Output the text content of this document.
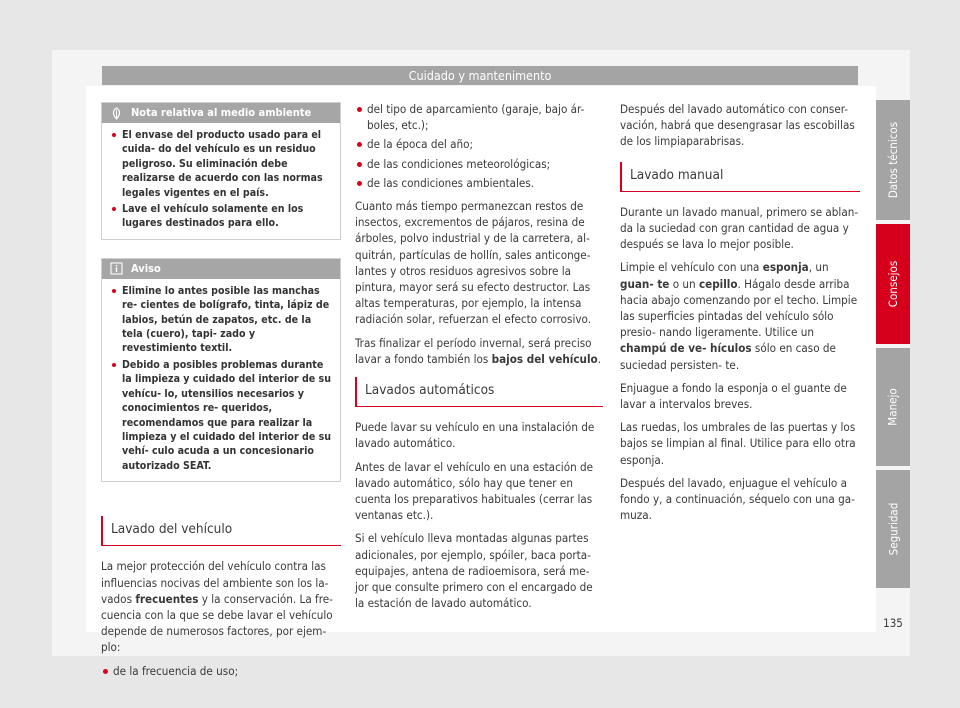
Cuidado y mantenimento
Nota relativa al medio ambiente
El envase del producto usado para el cuida- do del vehículo es un residuo peligroso. Su eliminación debe realizarse de acuerdo con las normas legales vigentes en el país.
Lave el vehículo solamente en los lugares destinados para ello.
Aviso
Elimine lo antes posible las manchas re- cientes de bolígrafo, tinta, lápiz de labios, betún de zapatos, etc. de la tela (cuero), tapi- zado y revestimiento textil.
Debido a posibles problemas durante la limpieza y cuidado del interior de su vehícu- lo, utensilios necesarios y conocimientos re- queridos, recomendamos que para realizar la limpieza y el cuidado del interior de su vehí- culo acuda a un concesionario autorizado SEAT.
Lavado del vehículo

La mejor protección del vehículo contra las influencias nocivas del ambiente son los la- vados frecuentes y la conservación. La fre- cuencia con la que se debe lavar el vehículo depende de numerosos factores, por ejem- plo:

de la frecuencia de uso;
del tipo de aparcamiento (garaje, bajo ár- boles, etc.);
de la época del año;
de las condiciones meteorológicas;
de las condiciones ambientales.

Cuanto más tiempo permanezcan restos de insectos, excrementos de pájaros, resina de árboles, polvo industrial y de la carretera, al- quitrán, partículas de hollín, sales anticonge- lantes y otros residuos agresivos sobre la pintura, mayor será su efecto destructor. Las altas temperaturas, por ejemplo, la intensa radiación solar, refuerzan el efecto corrosivo.

Tras finalizar el período invernal, será preciso lavar a fondo también los bajos del vehículo.

Lavados automáticos

Puede lavar su vehículo en una instalación de lavado automático.

Antes de lavar el vehículo en una estación de lavado automático, sólo hay que tener en cuenta los preparativos habituales (cerrar las ventanas etc.).

Si el vehículo lleva montadas algunas partes adicionales, por ejemplo, spóiler, baca porta- equipajes, antena de radioemisora, será me- jor que consulte primero con el encargado de la estación de lavado automático.

Después del lavado automático con conser- vación, habrá que desengrasar las escobillas de los limpiaparabrisas.

Lavado manual

Durante un lavado manual, primero se ablan- da la suciedad con gran cantidad de agua y después se lava lo mejor posible.

Limpie el vehículo con una esponja, un guan- te o un cepillo. Hágalo desde arriba hacia abajo comenzando por el techo. Limpie las superficies pintadas del vehículo sólo presio- nando ligeramente. Utilice un champú de ve- hículos sólo en caso de suciedad persisten- te.

Enjuague a fondo la esponja o el guante de lavar a intervalos breves.

Las ruedas, los umbrales de las puertas y los bajos se limpian al final. Utilice para ello otra esponja.

Después del lavado, enjuague el vehículo a fondo y, a continuación, séquelo con una ga- muza.

Datos técnicos
Consejos
Manejo
Seguridad
135
